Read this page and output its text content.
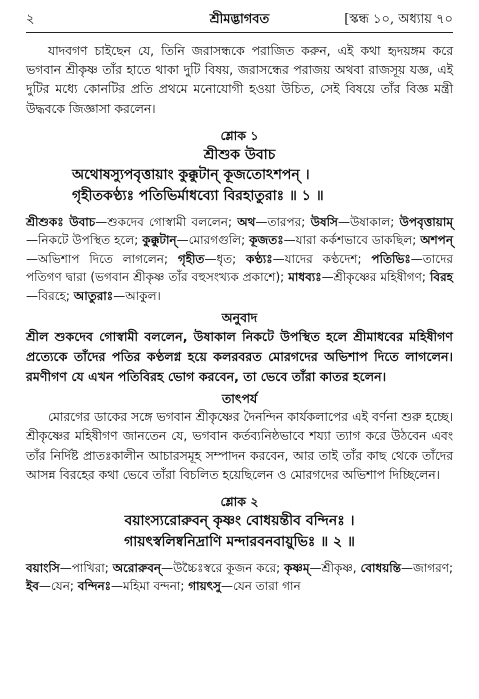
২	শ্রীমদ্ভাগবত	[স্কন্ধ ১০, অধ্যায় ৭০

যাদবগণ চাইছেন যে, তিনি জরাসন্ধকে পরাজিত করুন, এই কথা হৃদয়ঙ্গম করে ভগবান শ্রীকৃষ্ণ তাঁর হাতে থাকা দুটি বিষয়, জরাসন্ধের পরাজয় অথবা রাজসূয় যজ্ঞ, এই দুটির মধ্যে কোনটির প্রতি প্রথমে মনোযোগী হওয়া উচিত, সেই বিষয়ে তাঁর বিজ্ঞ মন্ত্রী উদ্ধবকে জিজ্ঞাসা করলেন।

শ্লোক ১
শ্রীশুক উবাচ
অথোষস্যুপবৃত্তায়াং কুক্কুটান্ কূজতোঽশপন্ ।
গৃহীতকণ্ঠ্যঃ পতিভির্মাধব্যো বিরহাতুরাঃ ॥ ১ ॥

শ্রীশুকঃ উবাচ—শুকদেব গোস্বামী বললেন; অথ—তারপর; উষসি—উষাকাল; উপবৃত্তায়াম্—নিকটে উপস্থিত হলে; কুক্কুটান্—মোরগগুলি; কূজতঃ—যারা কর্কশভাবে ডাকছিল; অশপন্—অভিশাপ দিতে লাগলেন; গৃহীত—ধৃত; কণ্ঠ্যঃ—যাদের কণ্ঠদেশ; পতিভিঃ—তাদের পতিগণ দ্বারা (ভগবান শ্রীকৃষ্ণ তাঁর বহুসংখ্যক প্রকাশে); মাধব্যঃ—শ্রীকৃষ্ণের মহিষীগণ; বিরহ—বিরহে; আতুরাঃ—আকুল।

অনুবাদ

শ্রীল শুকদেব গোস্বামী বললেন, উষাকাল নিকটে উপস্থিত হলে শ্রীমাধবের মহিষীগণ প্রত্যেকে তাঁদের পতির কণ্ঠলগ্ন হয়ে কলরবরত মোরগদের অভিশাপ দিতে লাগলেন। রমণীগণ যে এখন পতিবিরহ ভোগ করবেন, তা ভেবে তাঁরা কাতর হলেন।

তাৎপর্য

মোরগের ডাকের সঙ্গে ভগবান শ্রীকৃষ্ণের দৈনন্দিন কার্যকলাপের এই বর্ণনা শুরু হচ্ছে। শ্রীকৃষ্ণের মহিষীগণ জানতেন যে, ভগবান কর্তব্যনিষ্ঠভাবে শয্যা ত্যাগ করে উঠবেন এবং তাঁর নির্দিষ্ট প্রাতঃকালীন আচারসমূহ সম্পাদন করবেন, আর তাই তাঁর কাছ থেকে তাঁদের আসন্ন বিরহের কথা ভেবে তাঁরা বিচলিত হয়েছিলেন ও মোরগদের অভিশাপ দিচ্ছিলেন।

শ্লোক ২
বয়াংস্যরোরুবন্ কৃষ্ণং বোধয়ন্তীব বন্দিনঃ ।
গায়ৎস্বলিষ্বনিদ্রাণি মন্দারবনবায়ুভিঃ ॥ ২ ॥

বয়াংসি—পাখিরা; অরোরুবন্—উচ্চৈঃস্বরে কূজন করে; কৃষ্ণম্—শ্রীকৃষ্ণ, বোধয়ন্তি—জাগরণ; ইব—যেন; বন্দিনঃ—মহিমা বন্দনা; গায়ৎসু—যেন তারা গান
